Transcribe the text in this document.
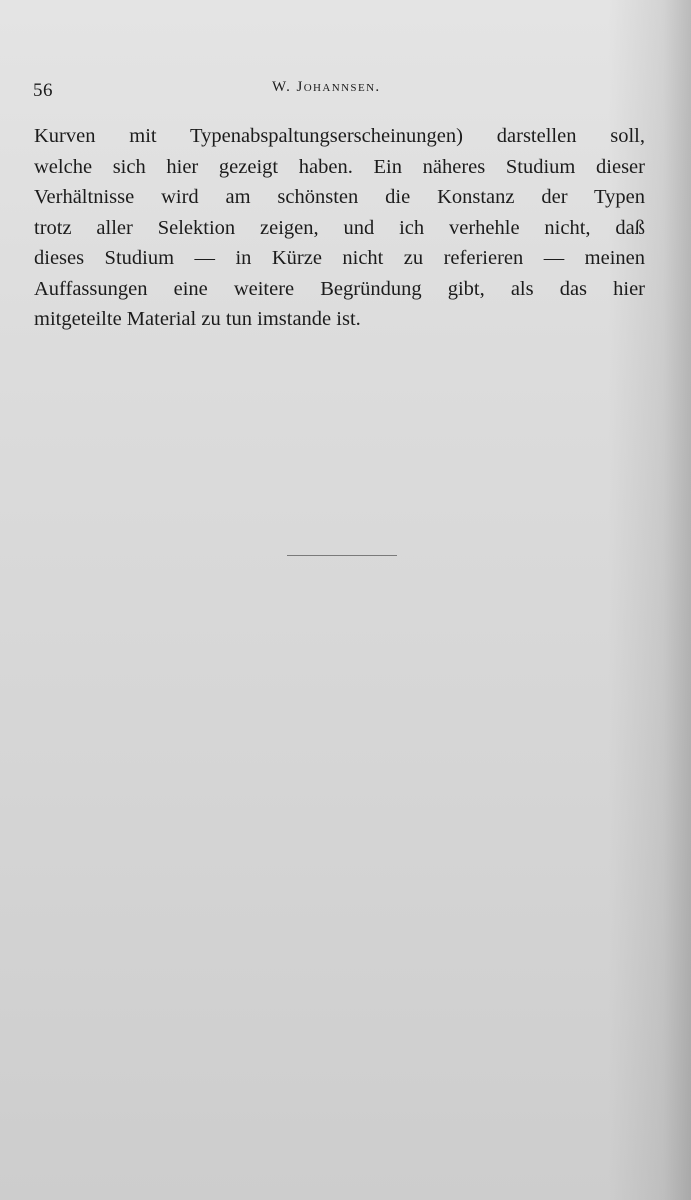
56	W. Johannsen.
Kurven mit Typenabspaltungserscheinungen) darstellen soll,
welche sich hier gezeigt haben. Ein näheres Studium dieser
Verhältnisse wird am schönsten die Konstanz der Typen
trotz aller Selektion zeigen, und ich verhehle nicht, daß
dieses Studium — in Kürze nicht zu referieren — meinen
Auffassungen eine weitere Begründung gibt, als das hier
mitgeteilte Material zu tun imstande ist.
